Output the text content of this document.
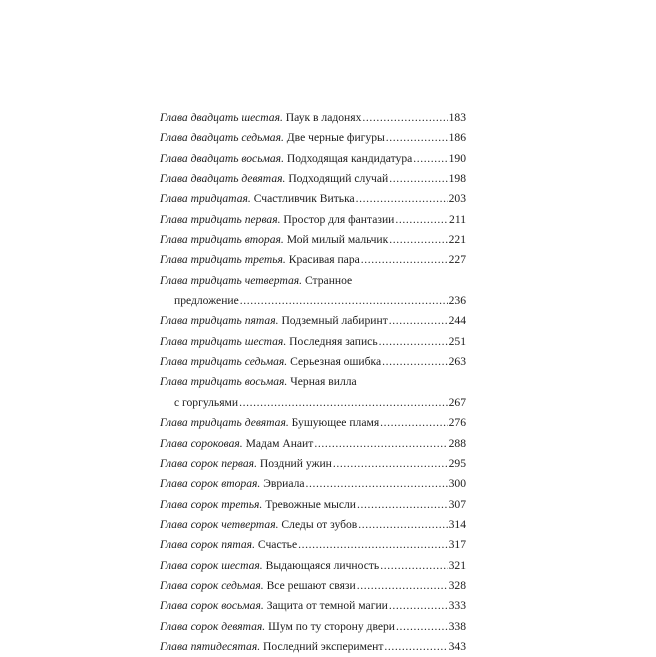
Глава двадцать шестая. Паук в ладонях .....	183
Глава двадцать седьмая. Две черные фигуры .....	186
Глава двадцать восьмая. Подходящая кандидатура .....	190
Глава двадцать девятая. Подходящий случай .....	198
Глава тридцатая. Счастливчик Витька .....	203
Глава тридцать первая. Простор для фантазии .....	211
Глава тридцать вторая. Мой милый мальчик .....	221
Глава тридцать третья. Красивая пара .....	227
Глава тридцать четвертая. Странное
предложение .....	236
Глава тридцать пятая. Подземный лабиринт .....	244
Глава тридцать шестая. Последняя запись .....	251
Глава тридцать седьмая. Серьезная ошибка .....	263
Глава тридцать восьмая. Черная вилла
с горгульями .....	267
Глава тридцать девятая. Бушующее пламя .....	276
Глава сороковая. Мадам Анаит .....	288
Глава сорок первая. Поздний ужин .....	295
Глава сорок вторая. Эвриала .....	300
Глава сорок третья. Тревожные мысли .....	307
Глава сорок четвертая. Следы от зубов .....	314
Глава сорок пятая. Счастье .....	317
Глава сорок шестая. Выдающаяся личность .....	321
Глава сорок седьмая. Все решают связи .....	328
Глава сорок восьмая. Защита от темной магии .....	333
Глава сорок девятая. Шум по ту сторону двери .....	338
Глава пятидесятая. Последний эксперимент .....	343
